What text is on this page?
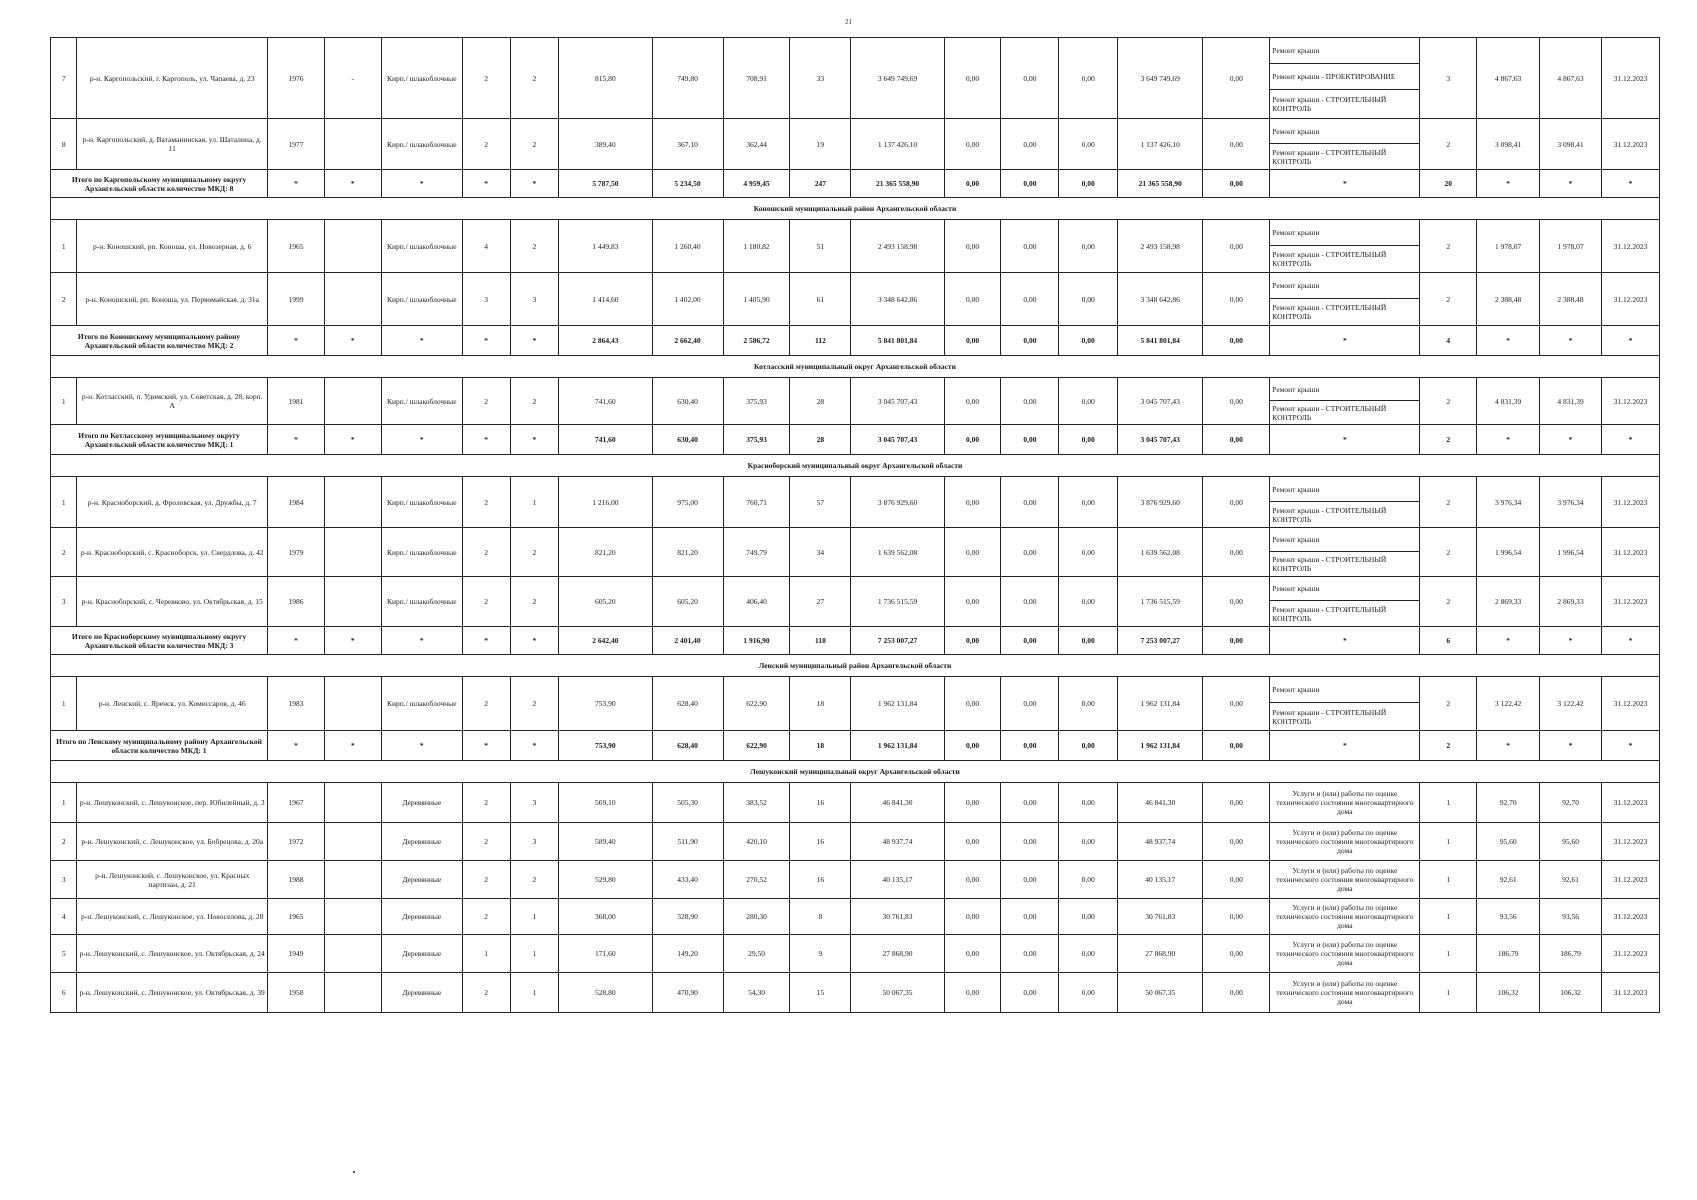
21
7	р-н. Каргопольский, г. Каргополь, ул. Чапаева, д. 23	1976	-	Кирп./ шлакоблочные	2	2	815,80	749,80	708,91	33	3 649 749,69	0,00	0,00	0,00	3 649 749,69	0,00	Ремонт крыши
Ремонт крыши - ПРОЕКТИРОВАНИЕ
Ремонт крыши - СТРОИТЕЛЬНЫЙ КОНТРОЛЬ	3	4 867,63	4 867,63	31.12.2023
8	р-н. Каргопольский, д. Ватаманинская, ул. Шаталина, д. 11	1977		Кирп./ шлакоблочные	2	2	389,40	367,10	362,44	19	1 137 426,10	0,00	0,00	0,00	1 137 426,10	0,00	Ремонт крыши
Ремонт крыши - СТРОИТЕЛЬНЫЙ КОНТРОЛЬ	2	3 098,41	3 098,41	31.12.2023
Итого по Каргопольскому муниципальному округу Архангельской области количество МКД: 8		*	*	*	*	*	5 787,50	5 234,50	4 959,45	247	21 365 558,90	0,00	0,00	0,00	21 365 558,90	0,00	*	20	*	*	*
Коношский муниципальный район Архангельской области																					
1	р-н. Коношский, рп. Коноша, ул. Новозерная, д. 6	1965		Кирп./ шлакоблочные	4	2	1 449,83	1 260,40	1 180,82	51	2 493 158,98	0,00	0,00	0,00	2 493 158,98	0,00	Ремонт крыши
Ремонт крыши - СТРОИТЕЛЬНЫЙ КОНТРОЛЬ	2	1 978,07	1 978,07	31.12.2023
2	р-н. Коношский, рп. Коноша, ул. Первомайская, д. 31а	1999		Кирп./ шлакоблочные	3	3	1 414,60	1 402,00	1 405,90	61	3 348 642,86	0,00	0,00	0,00	3 348 642,86	0,00	Ремонт крыши
Ремонт крыши - СТРОИТЕЛЬНЫЙ КОНТРОЛЬ	2	2 388,48	2 388,48	31.12.2023
Итого по Коношскому муниципальному району Архангельской области количество МКД: 2		*	*	*	*	*	2 864,43	2 662,40	2 586,72	112	5 841 801,84	0,00	0,00	0,00	5 841 801,84	0,00	*	4	*	*	*
Котласский муниципальный округ Архангельской области																					
1	р-н. Котласский, п. Удимский, ул. Советская, д. 28, корп. А	1981		Кирп./ шлакоблочные	2	2	741,60	630,40	375,93	28	3 045 707,43	0,00	0,00	0,00	3 045 707,43	0,00	Ремонт крыши
Ремонт крыши - СТРОИТЕЛЬНЫЙ КОНТРОЛЬ	2	4 831,39	4 831,39	31.12.2023
Итого по Котласскому муниципальному округу Архангельской области количество МКД: 1		*	*	*	*	*	741,60	630,40	375,93	28	3 045 707,43	0,00	0,00	0,00	3 045 707,43	0,00	*	2	*	*	*
Красноборский муниципальный округ Архангельской области																					
1	р-н. Красноборский, д. Фроловская, ул. Дружбы, д. 7	1984		Кирп./ шлакоблочные	2	1	1 216,00	975,00	760,71	57	3 876 929,60	0,00	0,00	0,00	3 876 929,60	0,00	Ремонт крыши
Ремонт крыши - СТРОИТЕЛЬНЫЙ КОНТРОЛЬ	2	3 976,34	3 976,34	31.12.2023
2	р-н. Красноборский, с. Красноборск, ул. Свердлова, д. 42	1979		Кирп./ шлакоблочные	2	2	821,20	821,20	749,79	34	1 639 562,08	0,00	0,00	0,00	1 639 562,08	0,00	Ремонт крыши
Ремонт крыши - СТРОИТЕЛЬНЫЙ КОНТРОЛЬ	2	1 996,54	1 996,54	31.12.2023
3	р-н. Красноборский, с. Черевково, ул. Октябрьская, д. 15	1986		Кирп./ шлакоблочные	2	2	605,20	605,20	406,40	27	1 736 515,59	0,00	0,00	0,00	1 736 515,59	0,00	Ремонт крыши
Ремонт крыши - СТРОИТЕЛЬНЫЙ КОНТРОЛЬ	2	2 869,33	2 869,33	31.12.2023
Итого по Красноборскому муниципальному округу Архангельской области количество МКД: 3		*	*	*	*	*	2 642,40	2 401,40	1 916,90	118	7 253 007,27	0,00	0,00	0,00	7 253 007,27	0,00	*	6	*	*	*
Ленский муниципальный район Архангельской области																					
1	р-н. Ленский, с. Яренск, ул. Комиссаров, д. 46	1983		Кирп./ шлакоблочные	2	2	753,90	628,40	622,90	18	1 962 131,84	0,00	0,00	0,00	1 962 131,84	0,00	Ремонт крыши
Ремонт крыши - СТРОИТЕЛЬНЫЙ КОНТРОЛЬ	2	3 122,42	3 122,42	31.12.2023
Итого по Ленскому муниципальному району Архангельской области количество МКД: 1		*	*	*	*	*	753,90	628,40	622,90	18	1 962 131,84	0,00	0,00	0,00	1 962 131,84	0,00	*	2	*	*	*
Лешуконский муниципальный округ Архангельской области																					
1	р-н. Лешуконский, с. Лешуконское, пер. Юбилейный, д. 3	1967		Деревянные	2	3	569,10	505,30	383,52	16	46 841,30	0,00	0,00	0,00	46 841,30	0,00	Услуги и (или) работы по оценке технического состояния многоквартирного дома	1	92,70	92,70	31.12.2023
2	р-н. Лешуконский, с. Лешуконское, ул. Бобрецова, д. 20а	1972		Деревянные	2	3	589,40	511,90	420,10	16	48 937,74	0,00	0,00	0,00	48 937,74	0,00	Услуги и (или) работы по оценке технического состояния многоквартирного дома	1	95,60	95,60	31.12.2023
3	р-н. Лешуконский, с. Лешуконское, ул. Красных партизан, д. 21	1988		Деревянные	2	2	529,80	433,40	270,52	16	40 135,17	0,00	0,00	0,00	40 135,17	0,00	Услуги и (или) работы по оценке технического состояния многоквартирного дома	1	92,61	92,61	31.12.2023
4	р-н. Лешуконский, с. Лешуконское, ул. Новоселова, д. 28	1965		Деревянные	2	1	368,00	328,90	280,30	8	30 761,83	0,00	0,00	0,00	30 761,83	0,00	Услуги и (или) работы по оценке технического состояния многоквартирного дома	1	93,56	93,56	31.12.2023
5	р-н. Лешуконский, с. Лешуконское, ул. Октябрьская, д. 24	1949		Деревянные	1	1	171,60	149,20	29,50	9	27 868,90	0,00	0,00	0,00	27 868,90	0,00	Услуги и (или) работы по оценке технического состояния многоквартирного дома	1	186,79	186,79	31.12.2023
6	р-н. Лешуконский, с. Лешуконское, ул. Октябрьская, д. 39	1958		Деревянные	2	1	528,80	470,90	54,30	15	50 067,35	0,00	0,00	0,00	50 067,35	0,00	Услуги и (или) работы по оценке технического состояния многоквартирного дома	1	106,32	106,32	31.12.2023
